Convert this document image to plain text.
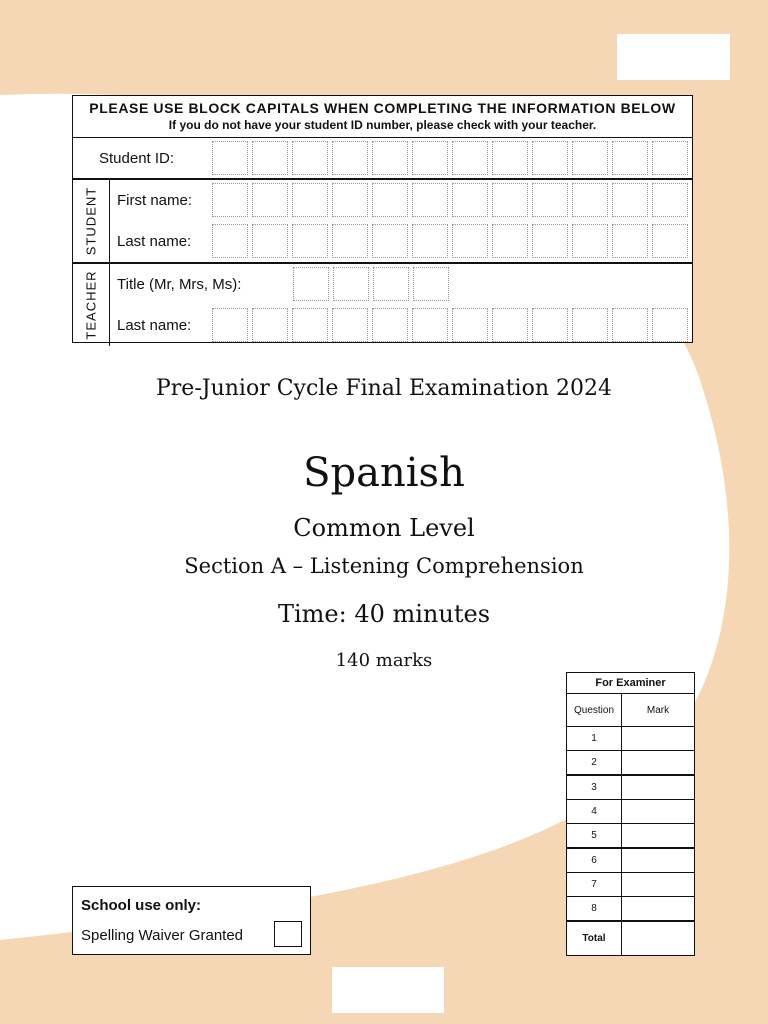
PLEASE USE BLOCK CAPITALS WHEN COMPLETING THE INFORMATION BELOW
If you do not have your student ID number, please check with your teacher.
Student ID:
STUDENT First name:
Last name:
TEACHER Title (Mr, Mrs, Ms):
Last name:
Pre-Junior Cycle Final Examination 2024
Spanish
Common Level
Section A – Listening Comprehension
Time: 40 minutes
140 marks
For Examiner	
Question	Mark
1	
2	
3	
4	
5	
6	
7	
8	
Total	
School use only:
Spelling Waiver Granted
